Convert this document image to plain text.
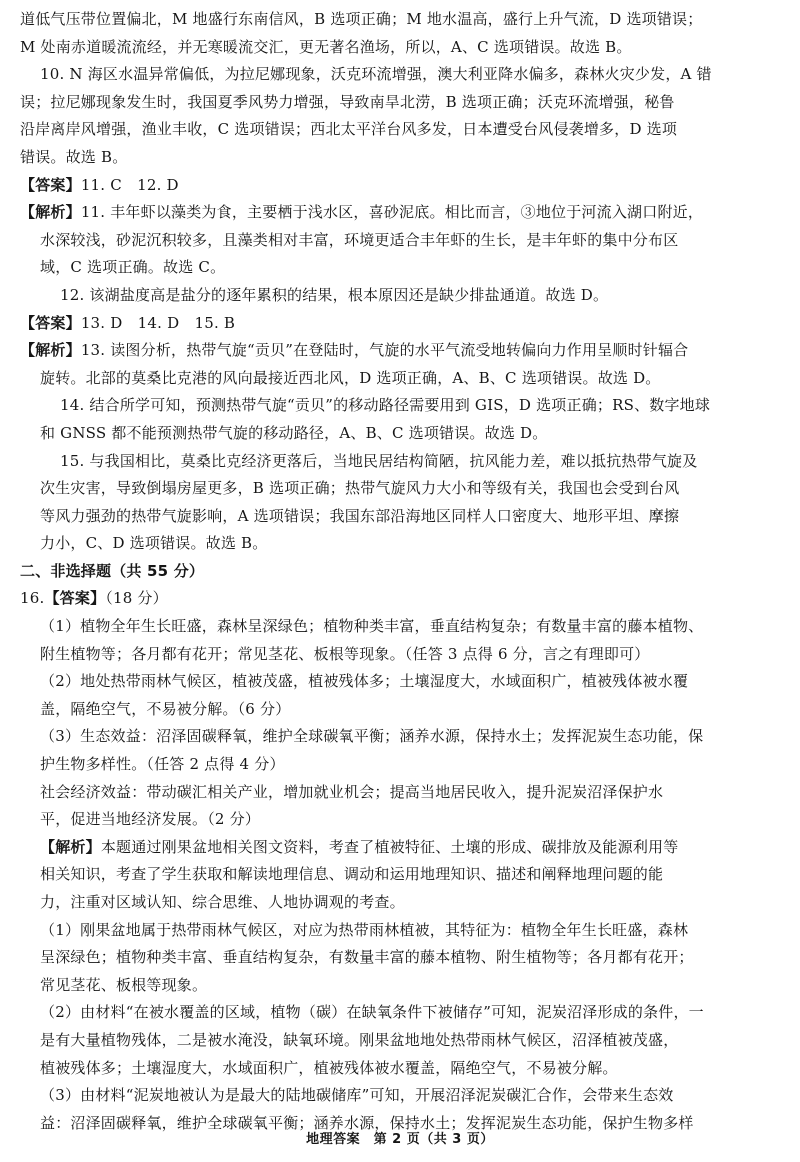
道低气压带位置偏北，M 地盛行东南信风，B 选项正确；M 地水温高，盛行上升气流，D 选项错误；

M 处南赤道暖流流经，并无寒暖流交汇，更无著名渔场，所以，A、C 选项错误。故选 B。

10. N 海区水温异常偏低，为拉尼娜现象，沃克环流增强，澳大利亚降水偏多，森林火灾少发，A 错

误；拉尼娜现象发生时，我国夏季风势力增强，导致南旱北涝，B 选项正确；沃克环流增强，秘鲁

沿岸离岸风增强，渔业丰收，C 选项错误；西北太平洋台风多发，日本遭受台风侵袭增多，D 选项

错误。故选 B。

【答案】11. C　12. D

【解析】11. 丰年虾以藻类为食，主要栖于浅水区，喜砂泥底。相比而言，③地位于河流入湖口附近，

水深较浅，砂泥沉积较多，且藻类相对丰富，环境更适合丰年虾的生长，是丰年虾的集中分布区

域，C 选项正确。故选 C。

12. 该湖盐度高是盐分的逐年累积的结果，根本原因还是缺少排盐通道。故选 D。

【答案】13. D　14. D　15. B

【解析】13. 读图分析，热带气旋“贡贝”在登陆时，气旋的水平气流受地转偏向力作用呈顺时针辐合

旋转。北部的莫桑比克港的风向最接近西北风，D 选项正确，A、B、C 选项错误。故选 D。

14. 结合所学可知，预测热带气旋“贡贝”的移动路径需要用到 GIS，D 选项正确；RS、数字地球

和 GNSS 都不能预测热带气旋的移动路径，A、B、C 选项错误。故选 D。

15. 与我国相比，莫桑比克经济更落后，当地民居结构简陋，抗风能力差，难以抵抗热带气旋及

次生灾害，导致倒塌房屋更多，B 选项正确；热带气旋风力大小和等级有关，我国也会受到台风

等风力强劲的热带气旋影响，A 选项错误；我国东部沿海地区同样人口密度大、地形平坦、摩擦

力小，C、D 选项错误。故选 B。

二、非选择题（共 55 分）

16.【答案】（18 分）

（1）植物全年生长旺盛，森林呈深绿色；植物种类丰富，垂直结构复杂；有数量丰富的藤本植物、

附生植物等；各月都有花开；常见茎花、板根等现象。（任答 3 点得 6 分，言之有理即可）

（2）地处热带雨林气候区，植被茂盛，植被残体多；土壤湿度大，水域面积广，植被残体被水覆

盖，隔绝空气，不易被分解。（6 分）

（3）生态效益：沼泽固碳释氧，维护全球碳氧平衡；涵养水源，保持水土；发挥泥炭生态功能，保

护生物多样性。（任答 2 点得 4 分）

社会经济效益：带动碳汇相关产业，增加就业机会；提高当地居民收入，提升泥炭沼泽保护水

平，促进当地经济发展。（2 分）

【解析】本题通过刚果盆地相关图文资料，考查了植被特征、土壤的形成、碳排放及能源利用等

相关知识，考查了学生获取和解读地理信息、调动和运用地理知识、描述和阐释地理问题的能

力，注重对区域认知、综合思维、人地协调观的考查。

（1）刚果盆地属于热带雨林气候区，对应为热带雨林植被，其特征为：植物全年生长旺盛，森林

呈深绿色；植物种类丰富、垂直结构复杂，有数量丰富的藤本植物、附生植物等；各月都有花开；

常见茎花、板根等现象。

（2）由材料“在被水覆盖的区域，植物（碳）在缺氧条件下被储存”可知，泥炭沼泽形成的条件，一

是有大量植物残体，二是被水淹没，缺氧环境。刚果盆地地处热带雨林气候区，沼泽植被茂盛，

植被残体多；土壤湿度大，水域面积广，植被残体被水覆盖，隔绝空气，不易被分解。

（3）由材料“泥炭地被认为是最大的陆地碳储库”可知，开展沼泽泥炭碳汇合作，会带来生态效

益：沼泽固碳释氧，维护全球碳氧平衡；涵养水源，保持水土；发挥泥炭生态功能，保护生物多样

地理答案　第 2 页（共 3 页）
